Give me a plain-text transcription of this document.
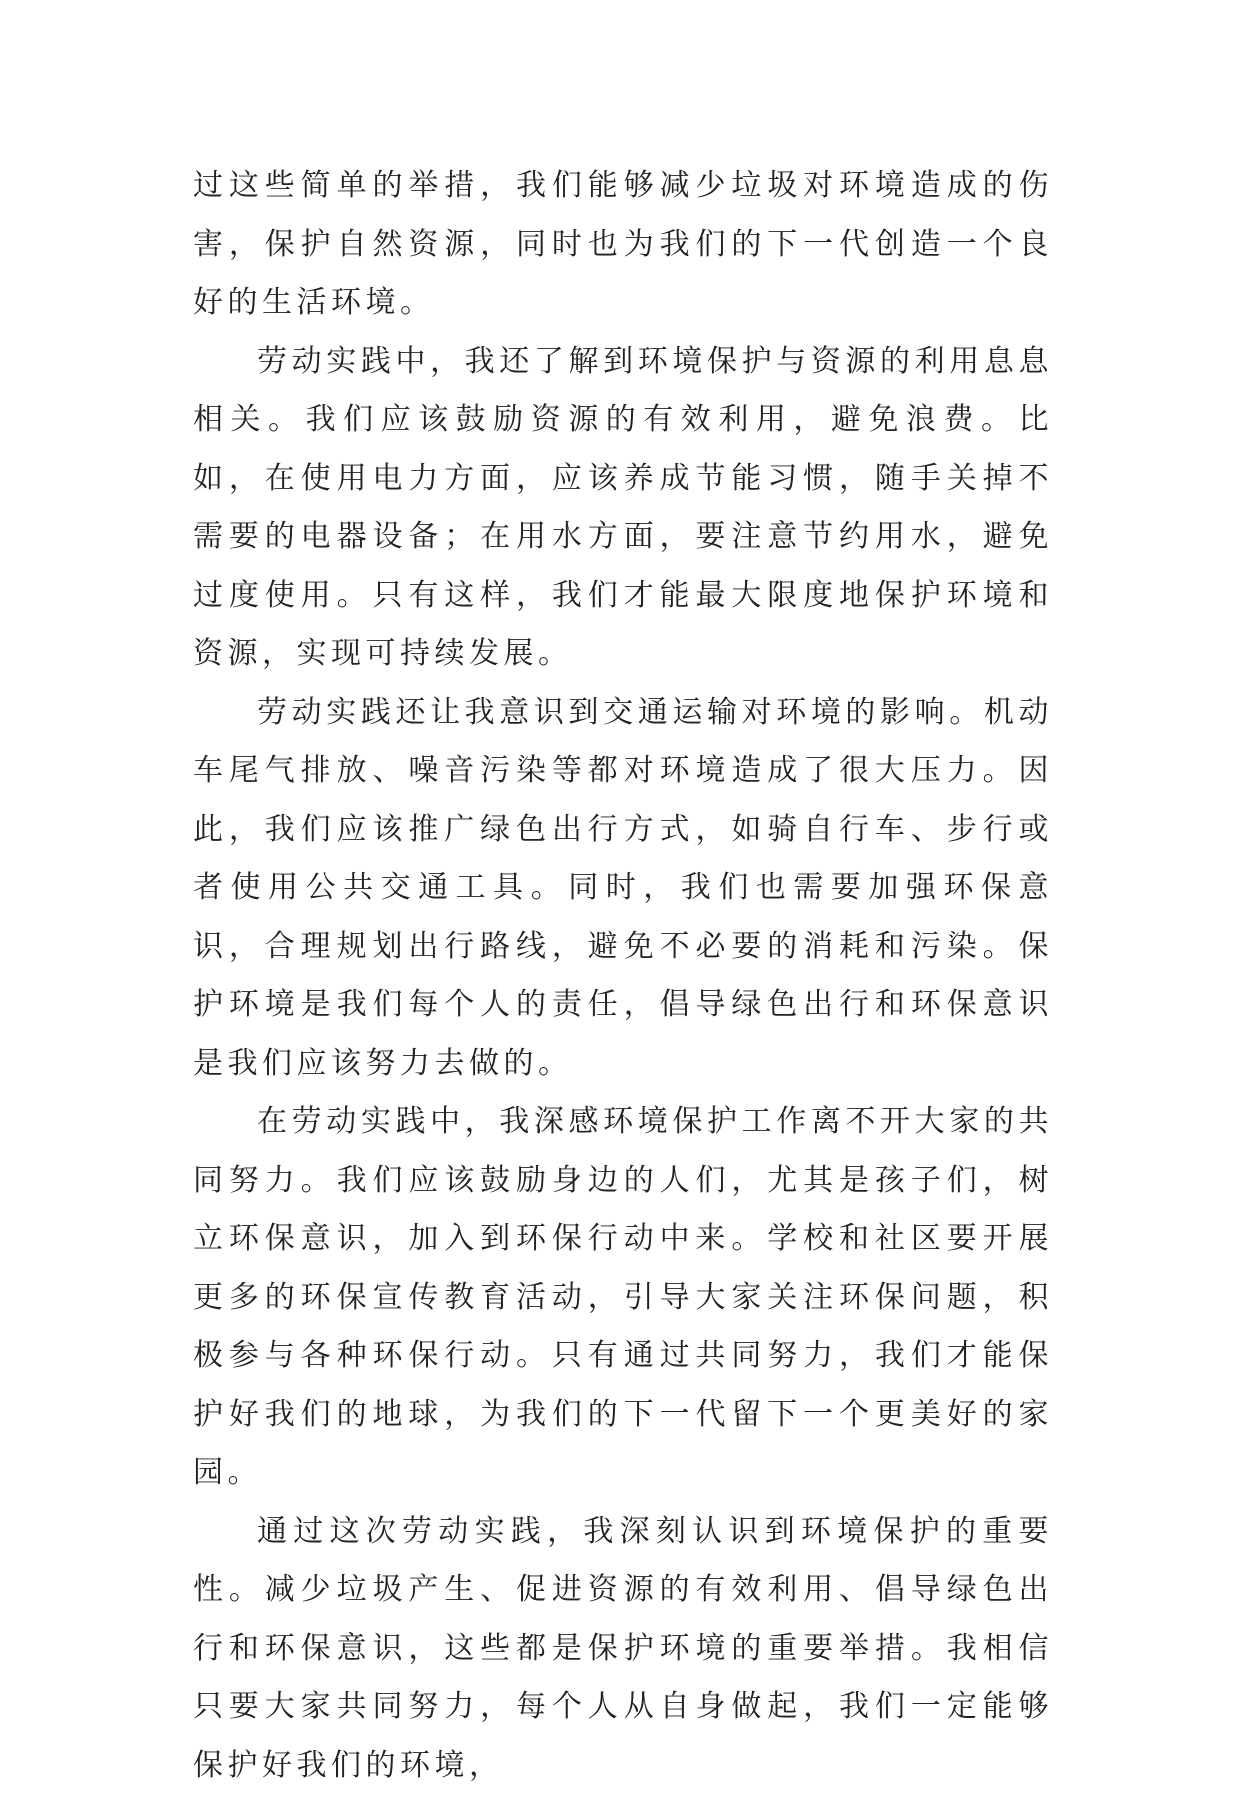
过这些简单的举措，我们能够减少垃圾对环境造成的伤害，保护自然资源，同时也为我们的下一代创造一个良好的生活环境。

劳动实践中，我还了解到环境保护与资源的利用息息相关。我们应该鼓励资源的有效利用，避免浪费。比如，在使用电力方面，应该养成节能习惯，随手关掉不需要的电器设备；在用水方面，要注意节约用水，避免过度使用。只有这样，我们才能最大限度地保护环境和资源，实现可持续发展。

劳动实践还让我意识到交通运输对环境的影响。机动车尾气排放、噪音污染等都对环境造成了很大压力。因此，我们应该推广绿色出行方式，如骑自行车、步行或者使用公共交通工具。同时，我们也需要加强环保意识，合理规划出行路线，避免不必要的消耗和污染。保护环境是我们每个人的责任，倡导绿色出行和环保意识是我们应该努力去做的。

在劳动实践中，我深感环境保护工作离不开大家的共同努力。我们应该鼓励身边的人们，尤其是孩子们，树立环保意识，加入到环保行动中来。学校和社区要开展更多的环保宣传教育活动，引导大家关注环保问题，积极参与各种环保行动。只有通过共同努力，我们才能保护好我们的地球，为我们的下一代留下一个更美好的家园。

通过这次劳动实践，我深刻认识到环境保护的重要性。减少垃圾产生、促进资源的有效利用、倡导绿色出行和环保意识，这些都是保护环境的重要举措。我相信只要大家共同努力，每个人从自身做起，我们一定能够保护好我们的环境，
